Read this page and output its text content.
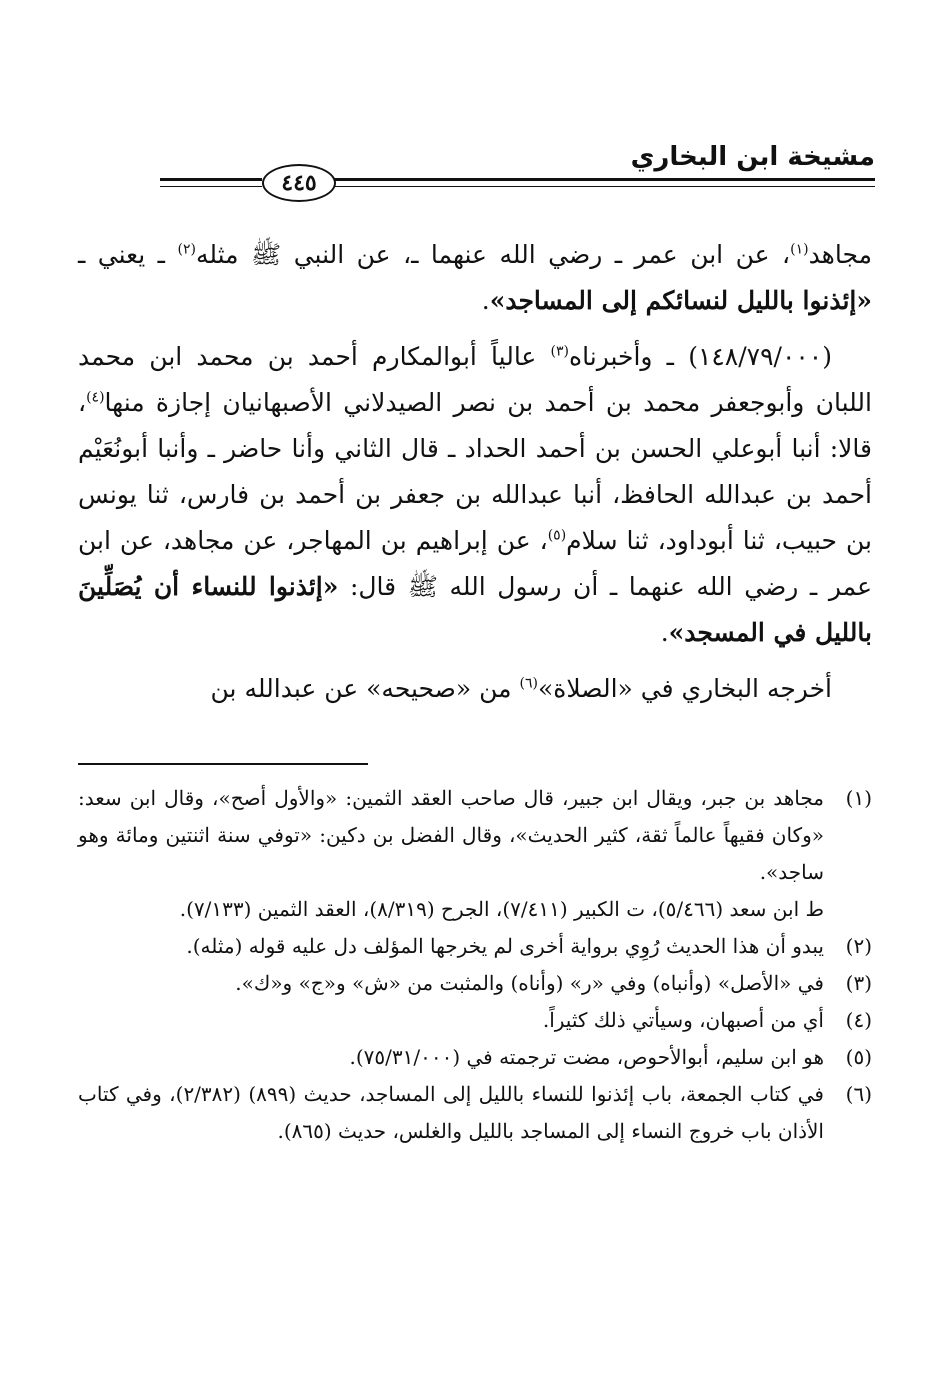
مشيخة ابن البخاري
٤٤٥

مجاهد$^{(١)}$، عن ابن عمر ـ رضي الله عنهما ـ، عن النبي ﷺ مثله$^{(٢)}$ ـ يعني ـ «إئذنوا بالليل لنسائكم إلى المساجد».

(١٤٨/٧٩/٠٠٠) ـ وأخبرناه$^{(٣)}$ عالياً أبوالمكارم أحمد بن محمد ابن محمد اللبان وأبوجعفر محمد بن أحمد بن نصر الصيدلاني الأصبهانيان إجازة منها$^{(٤)}$، قالا: أنبا أبوعلي الحسن بن أحمد الحداد ـ قال الثاني وأنا حاضر ـ وأنبا أبونُعَيْم أحمد بن عبدالله الحافظ، أنبا عبدالله بن جعفر بن أحمد بن فارس، ثنا يونس بن حبيب، ثنا أبوداود، ثنا سلام$^{(٥)}$، عن إبراهيم بن المهاجر، عن مجاهد، عن ابن عمر ـ رضي الله عنهما ـ أن رسول الله ﷺ قال: «إئذنوا للنساء أن يُصَلِّينَ بالليل في المسجد».

أخرجه البخاري في «الصلاة»$^{(٦)}$ من «صحيحه» عن عبدالله بن

(١)

مجاهد بن جبر، ويقال ابن جبير، قال صاحب العقد الثمين: «والأول أصح»، وقال ابن سعد: «وكان فقيهاً عالماً ثقة، كثير الحديث»، وقال الفضل بن دكين: «توفي سنة اثنتين ومائة وهو ساجد».

ط ابن سعد (٥/٤٦٦)، ت الكبير (٧/٤١١)، الجرح (٨/٣١٩)، العقد الثمين (٧/١٣٣).

(٢)

يبدو أن هذا الحديث رُوِي برواية أخرى لم يخرجها المؤلف دل عليه قوله (مثله).

(٣)

في «الأصل» (وأنباه) وفي «ر» (وأناه) والمثبت من «ش» و«ج» و«ك».

(٤)

أي من أصبهان، وسيأتي ذلك كثيراً.

(٥)

هو ابن سليم، أبوالأحوص، مضت ترجمته في (٧٥/٣١/٠٠٠).

(٦)

في كتاب الجمعة، باب إئذنوا للنساء بالليل إلى المساجد، حديث (٨٩٩) (٢/٣٨٢)، وفي كتاب الأذان باب خروج النساء إلى المساجد بالليل والغلس، حديث (٨٦٥).
